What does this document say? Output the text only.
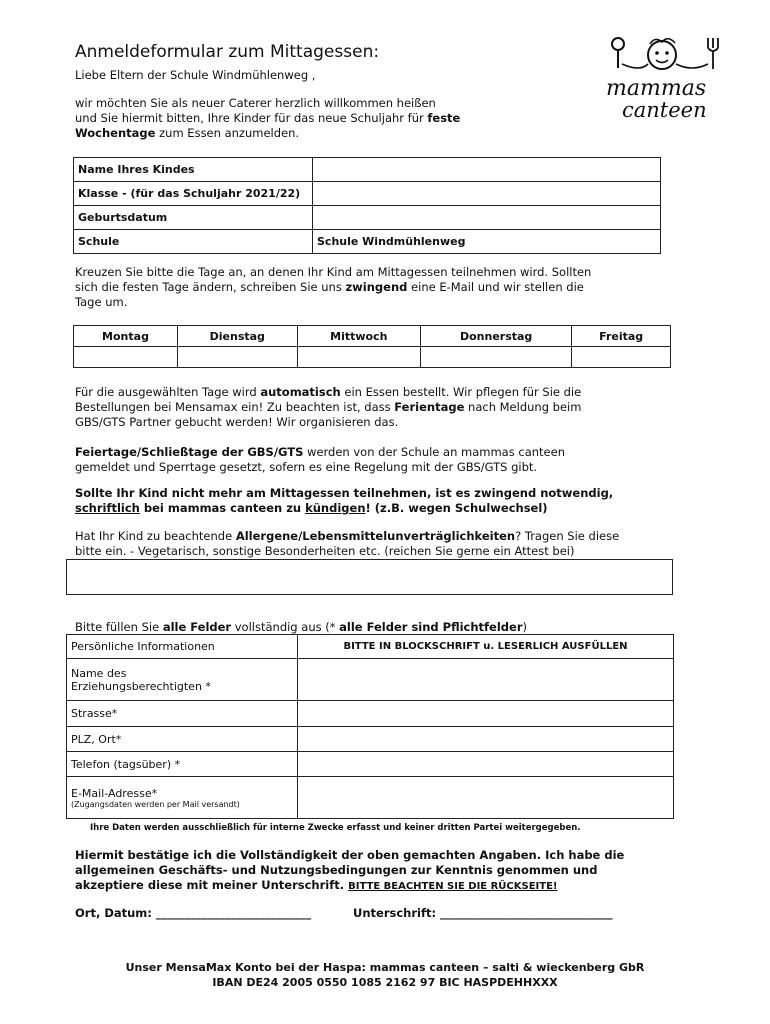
Anmeldeformular zum Mittagessen:
Liebe Eltern der Schule Windmühlenweg ,
wir möchten Sie als neuer Caterer herzlich willkommen heißen
und Sie hiermit bitten, Ihre Kinder für das neue Schuljahr für feste
Wochentage zum Essen anzumelden.
mammas
canteen
Name Ihres Kindes	
Klasse - (für das Schuljahr 2021/22)	
Geburtsdatum	
Schule	Schule Windmühlenweg
Kreuzen Sie bitte die Tage an, an denen Ihr Kind am Mittagessen teilnehmen wird. Sollten
sich die festen Tage ändern, schreiben Sie uns zwingend eine E-Mail und wir stellen die
Tage um.
Montag	Dienstag	Mittwoch	Donnerstag	Freitag

Für die ausgewählten Tage wird automatisch ein Essen bestellt. Wir pflegen für Sie die
Bestellungen bei Mensamax ein! Zu beachten ist, dass Ferientage nach Meldung beim
GBS/GTS Partner gebucht werden! Wir organisieren das.
Feiertage/Schließtage der GBS/GTS werden von der Schule an mammas canteen
gemeldet und Sperrtage gesetzt, sofern es eine Regelung mit der GBS/GTS gibt.
Sollte Ihr Kind nicht mehr am Mittagessen teilnehmen, ist es zwingend notwendig,
schriftlich bei mammas canteen zu kündigen! (z.B. wegen Schulwechsel)
Hat Ihr Kind zu beachtende Allergene/Lebensmittelunverträglichkeiten? Tragen Sie diese
bitte ein. - Vegetarisch, sonstige Besonderheiten etc. (reichen Sie gerne ein Attest bei)
Bitte füllen Sie alle Felder vollständig aus (* alle Felder sind Pflichtfelder)
Persönliche Informationen	BITTE IN BLOCKSCHRIFT u. LESERLICH AUSFÜLLEN

Name des
Erziehungsberechtigten *	

Strasse*	
PLZ, Ort*	
Telefon (tagsüber) *	

E-Mail-Adresse*
(Zugangsdaten werden per Mail versandt)	

Ihre Daten werden ausschließlich für interne Zwecke erfasst und keiner dritten Partei weitergegeben.
Hiermit bestätige ich die Vollständigkeit der oben gemachten Angaben. Ich habe die
allgemeinen Geschäfts- und Nutzungsbedingungen zur Kenntnis genommen und
akzeptiere diese mit meiner Unterschrift. BITTE BEACHTEN SIE DIE RÜCKSEITE!
Ort, Datum: ___________________________	Unterschrift: ______________________________
Unser MensaMax Konto bei der Haspa: mammas canteen – salti & wieckenberg GbR
IBAN DE24 2005 0550 1085 2162 97 BIC HASPDEHHXXX
